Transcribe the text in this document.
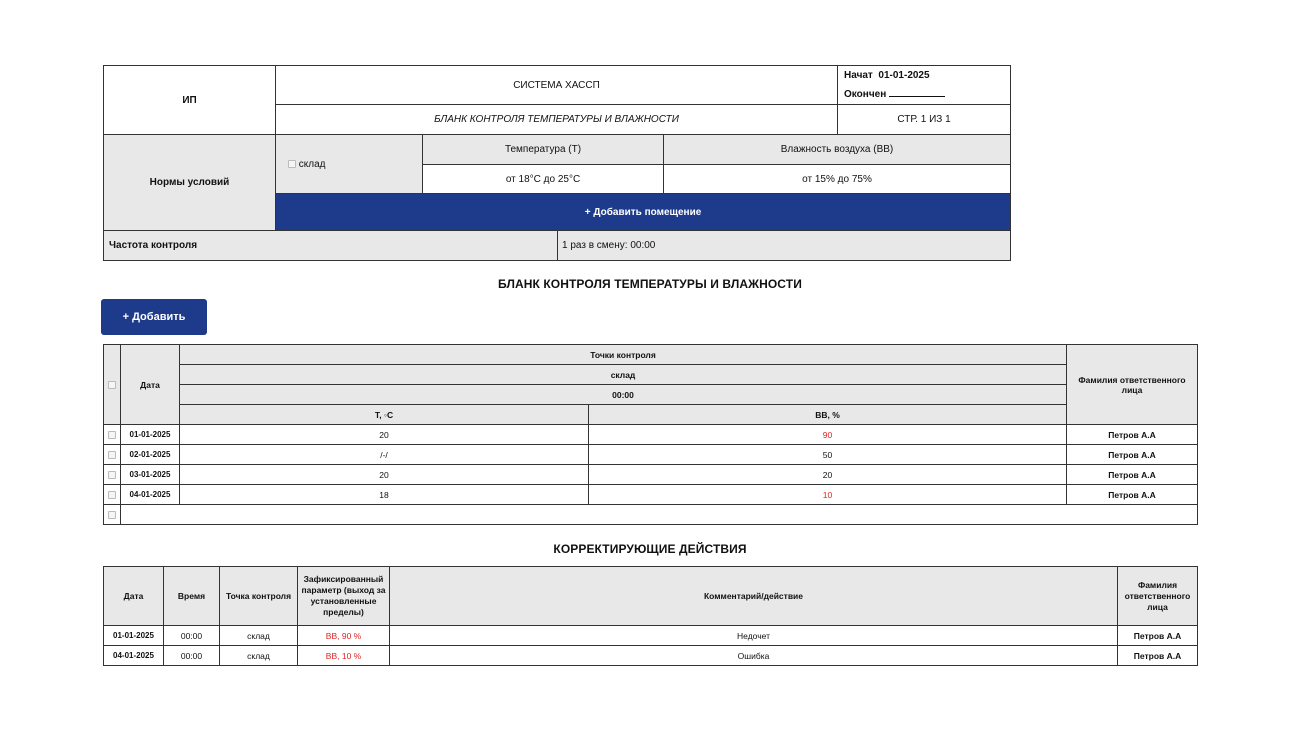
ИП	СИСТЕМА ХАССП				Начат 01-01-2025
Окончен

	БЛАНК КОНТРОЛЯ ТЕМПЕРАТУРЫ И ВЛАЖНОСТИ				СТР. 1 ИЗ 1
Нормы условий	склад	Температура (Т)		Влажность воздуха (ВВ)	
		от 18°С до 25°С		от 15% до 75%	
	+ Добавить помещение				
Частота контроля			1 раз в смену: 00:00		
БЛАНК КОНТРОЛЯ ТЕМПЕРАТУРЫ И ВЛАЖНОСТИ
+ Добавить
	Дата	Точки контроля		Фамилия ответственного лица
		склад		
		00:00		
		Т, ◦С	ВВ, %	
	01-01-2025	20	90	Петров А.А
	02-01-2025	/-/	50	Петров А.А
	03-01-2025	20	20	Петров А.А
	04-01-2025	18	10	Петров А.А

КОРРЕКТИРУЮЩИЕ ДЕЙСТВИЯ
Дата	Время	Точка контроля	Зафиксированный параметр (выход за установленные пределы)	Комментарий/действие	Фамилия ответственного лица
01-01-2025	00:00	склад	ВВ, 90 %	Недочет	Петров А.А
04-01-2025	00:00	склад	ВВ, 10 %	Ошибка	Петров А.А
